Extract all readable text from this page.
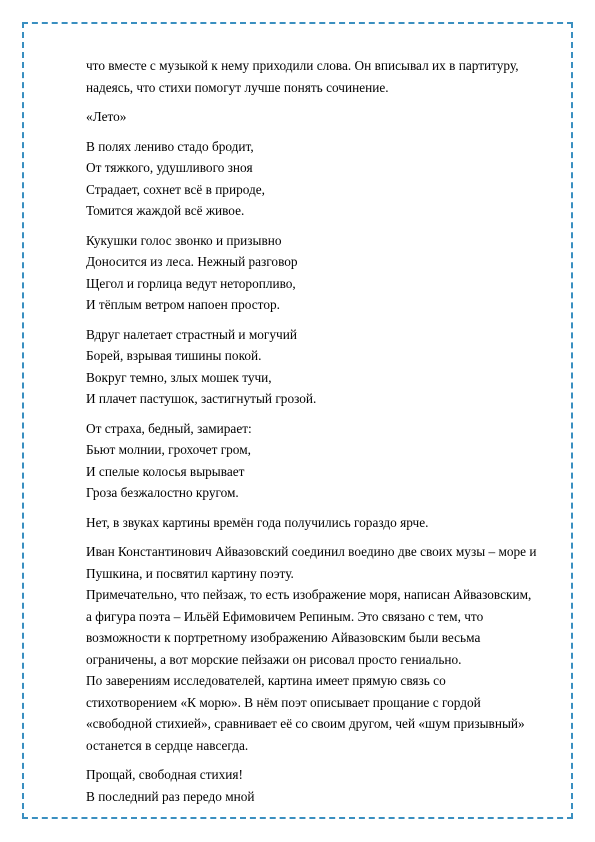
что вместе с музыкой к нему приходили слова. Он вписывал их в партитуру,
надеясь, что стихи помогут лучше понять сочинение.

«Лето»

В полях лениво стадо бродит,
От тяжкого, удушливого зноя
Страдает, сохнет всё в природе,
Томится жаждой всё живое.

Кукушки голос звонко и призывно
Доносится из леса. Нежный разговор
Щегол и горлица ведут неторопливо,
И тёплым ветром напоен простор.

Вдруг налетает страстный и могучий
Борей, взрывая тишины покой.
Вокруг темно, злых мошек тучи,
И плачет пастушок, застигнутый грозой.

От страха, бедный, замирает:
Бьют молнии, грохочет гром,
И спелые колосья вырывает
Гроза безжалостно кругом.

Нет, в звуках картины времён года получились гораздо ярче.

Иван Константинович Айвазовский соединил воедино две своих музы – море и
Пушкина, и посвятил картину поэту.
Примечательно, что пейзаж, то есть изображение моря, написан Айвазовским,
а фигура поэта – Ильёй Ефимовичем Репиным. Это связано с тем, что
возможности к портретному изображению Айвазовским были весьма
ограничены, а вот морские пейзажи он рисовал просто гениально.
По заверениям исследователей, картина имеет прямую связь со
стихотворением «К морю». В нём поэт описывает прощание с гордой
«свободной стихией», сравнивает её со своим другом, чей «шум призывный»
останется в сердце навсегда.

Прощай, свободная стихия!
В последний раз передо мной
